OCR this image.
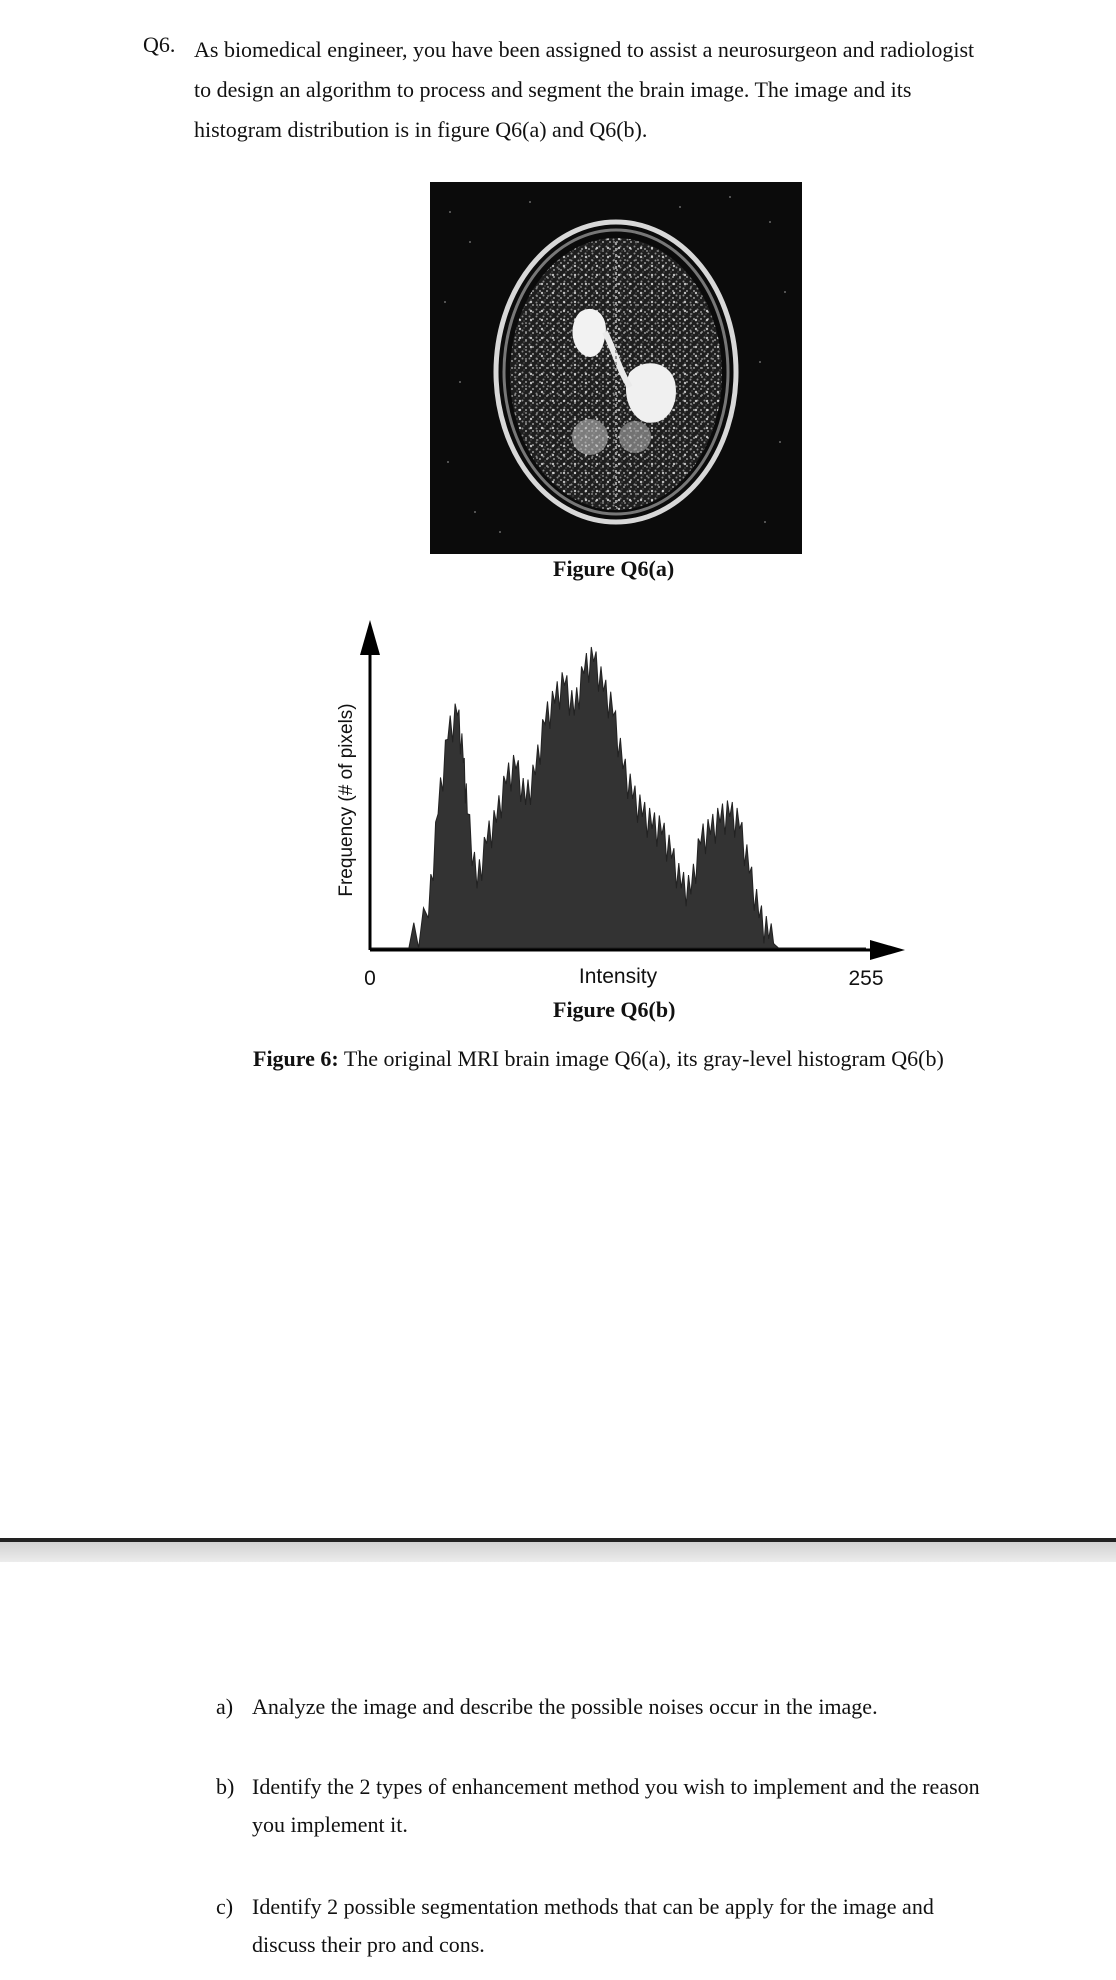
Q6. As biomedical engineer, you have been assigned to assist a neurosurgeon and radiologist
to design an algorithm to process and segment the brain image. The image and its
histogram distribution is in figure Q6(a) and Q6(b).
Figure Q6(a)
Frequency (# of pixels)
0	255
Intensity
Figure Q6(b)
Figure 6: The original MRI brain image Q6(a), its gray-level histogram Q6(b)
a) Analyze the image and describe the possible noises occur in the image.
b) Identify the 2 types of enhancement method you wish to implement and the reason
you implement it.
c) Identify 2 possible segmentation methods that can be apply for the image and
discuss their pro and cons.
